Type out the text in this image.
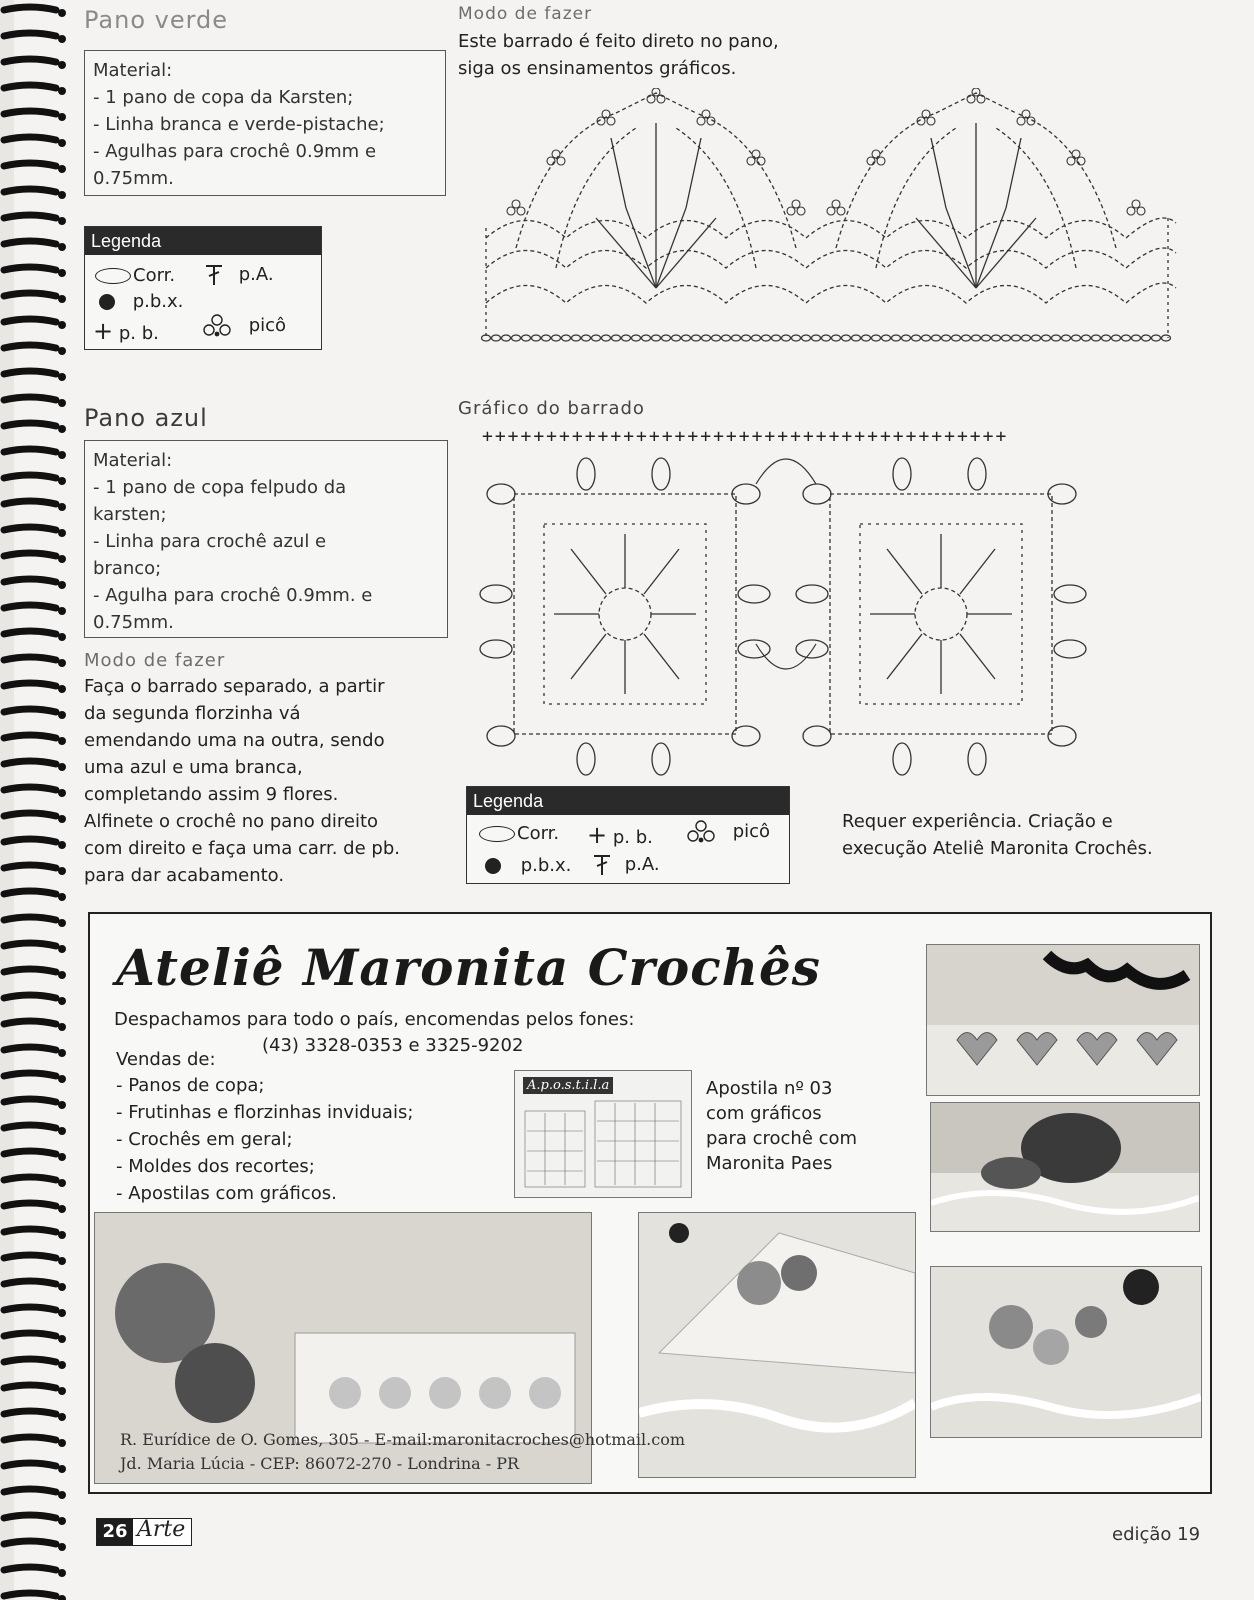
Pano verde
Material:
- 1 pano de copa da Karsten;
- Linha branca e verde-pistache;
- Agulhas para crochê 0.9mm e
0.75mm.
Legenda
Corr.
p.b.x.
+ p. b.
p.A.
picô
Pano azul
Material:
- 1 pano de copa felpudo da
karsten;
- Linha para crochê azul e
branco;
- Agulha para crochê 0.9mm. e
0.75mm.
Modo de fazer
Faça o barrado separado, a partir
da segunda florzinha vá
emendando uma na outra, sendo
uma azul e uma branca,
completando assim 9 flores.
Alfinete o crochê no pano direito
com direito e faça uma carr. de pb.
para dar acabamento.
Modo de fazer
Este barrado é feito direto no pano,
siga os ensinamentos gráficos.
Gráfico do barrado
+++++++++++++++++++++++++++++++++++++++++
Legenda
Corr. + p. b.	picô
p.b.x.	p.A.
Requer experiência. Criação e
execução Ateliê Maronita Crochês.
Ateliê Maronita Crochês
Despachamos para todo o país, encomendas pelos fones:
(43) 3328-0353 e 3325-9202
Vendas de:
- Panos de copa;
- Frutinhas e florzinhas inviduais;
- Crochês em geral;
- Moldes dos recortes;
- Apostilas com gráficos.
A.p.o.s.t.i.l.a	Apostila nº 03
com gráficos
para crochê com
Maronita Paes
R. Eurídice de O. Gomes, 305 - E-mail:maronitacroches@hotmail.com
Jd. Maria Lúcia - CEP: 86072-270 - Londrina - PR
26 Arte	edição 19
